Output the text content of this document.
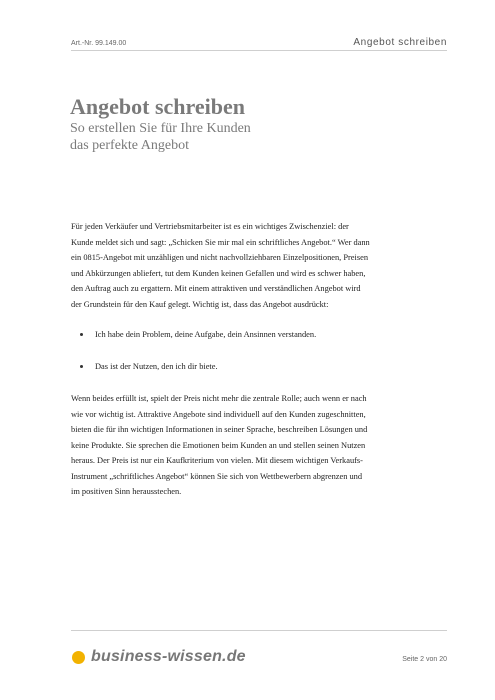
Art.-Nr. 99.149.00	Angebot schreiben
Angebot schreiben
So erstellen Sie für Ihre Kunden
das perfekte Angebot

Für jeden Verkäufer und Vertriebsmitarbeiter ist es ein wichtiges Zwischenziel: der Kunde meldet sich und sagt: „Schicken Sie mir mal ein schriftliches Angebot.“ Wer dann ein 0815-Angebot mit unzähligen und nicht nachvollziehbaren Einzelpositionen, Preisen und Abkürzungen abliefert, tut dem Kunden keinen Gefallen und wird es schwer haben, den Auftrag auch zu ergattern. Mit einem attraktiven und verständlichen Angebot wird der Grundstein für den Kauf gelegt. Wichtig ist, dass das Angebot ausdrückt:

Ich habe dein Problem, deine Aufgabe, dein Ansinnen verstanden.
Das ist der Nutzen, den ich dir biete.

Wenn beides erfüllt ist, spielt der Preis nicht mehr die zentrale Rolle; auch wenn er nach wie vor wichtig ist. Attraktive Angebote sind individuell auf den Kunden zugeschnitten, bieten die für ihn wichtigen Informationen in seiner Sprache, beschreiben Lösungen und keine Produkte. Sie sprechen die Emotionen beim Kunden an und stellen seinen Nutzen heraus. Der Preis ist nur ein Kaufkriterium von vielen. Mit diesem wichtigen Verkaufs-Instrument „schriftliches Angebot“ können Sie sich von Wettbewerbern abgrenzen und im positiven Sinn herausstechen.

business-wissen.de	Seite 2 von 20
